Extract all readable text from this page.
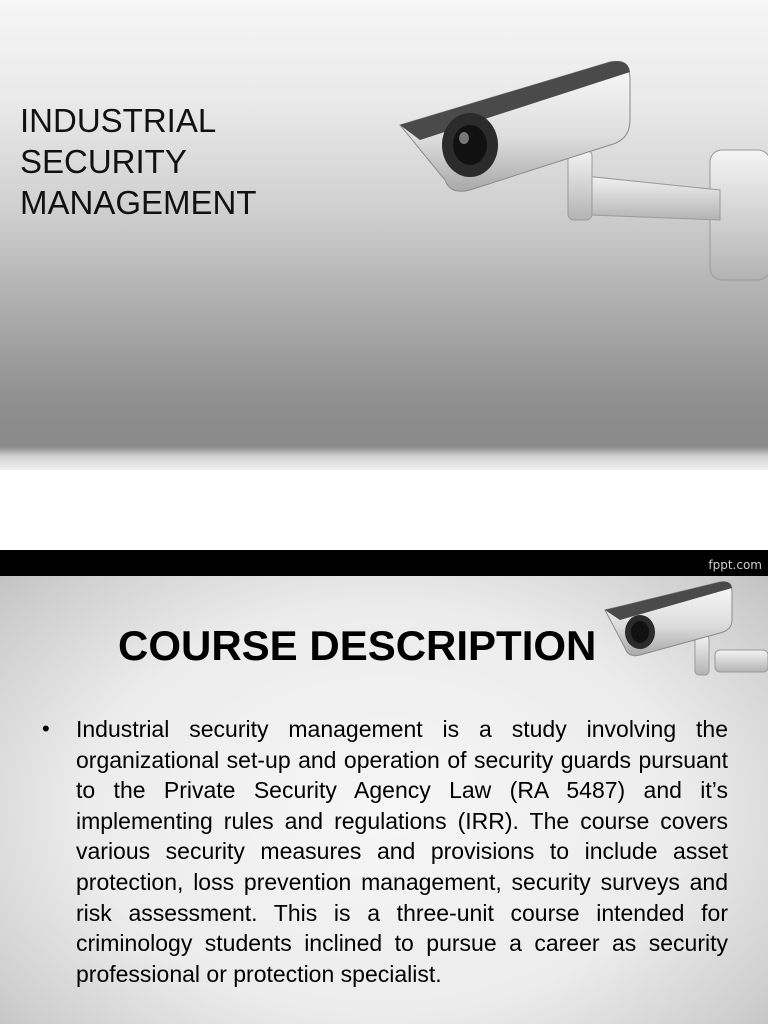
INDUSTRIAL
SECURITY
MANAGEMENT
fppt.com
COURSE DESCRIPTION
• Industrial security management is a study involving the organizational set-up and operation of security guards pursuant to the Private Security Agency Law (RA 5487) and it’s implementing rules and regulations (IRR). The course covers various security measures and provisions to include asset protection, loss prevention management, security surveys and risk assessment. This is a three-unit course intended for criminology students inclined to pursue a career as security professional or protection specialist.
